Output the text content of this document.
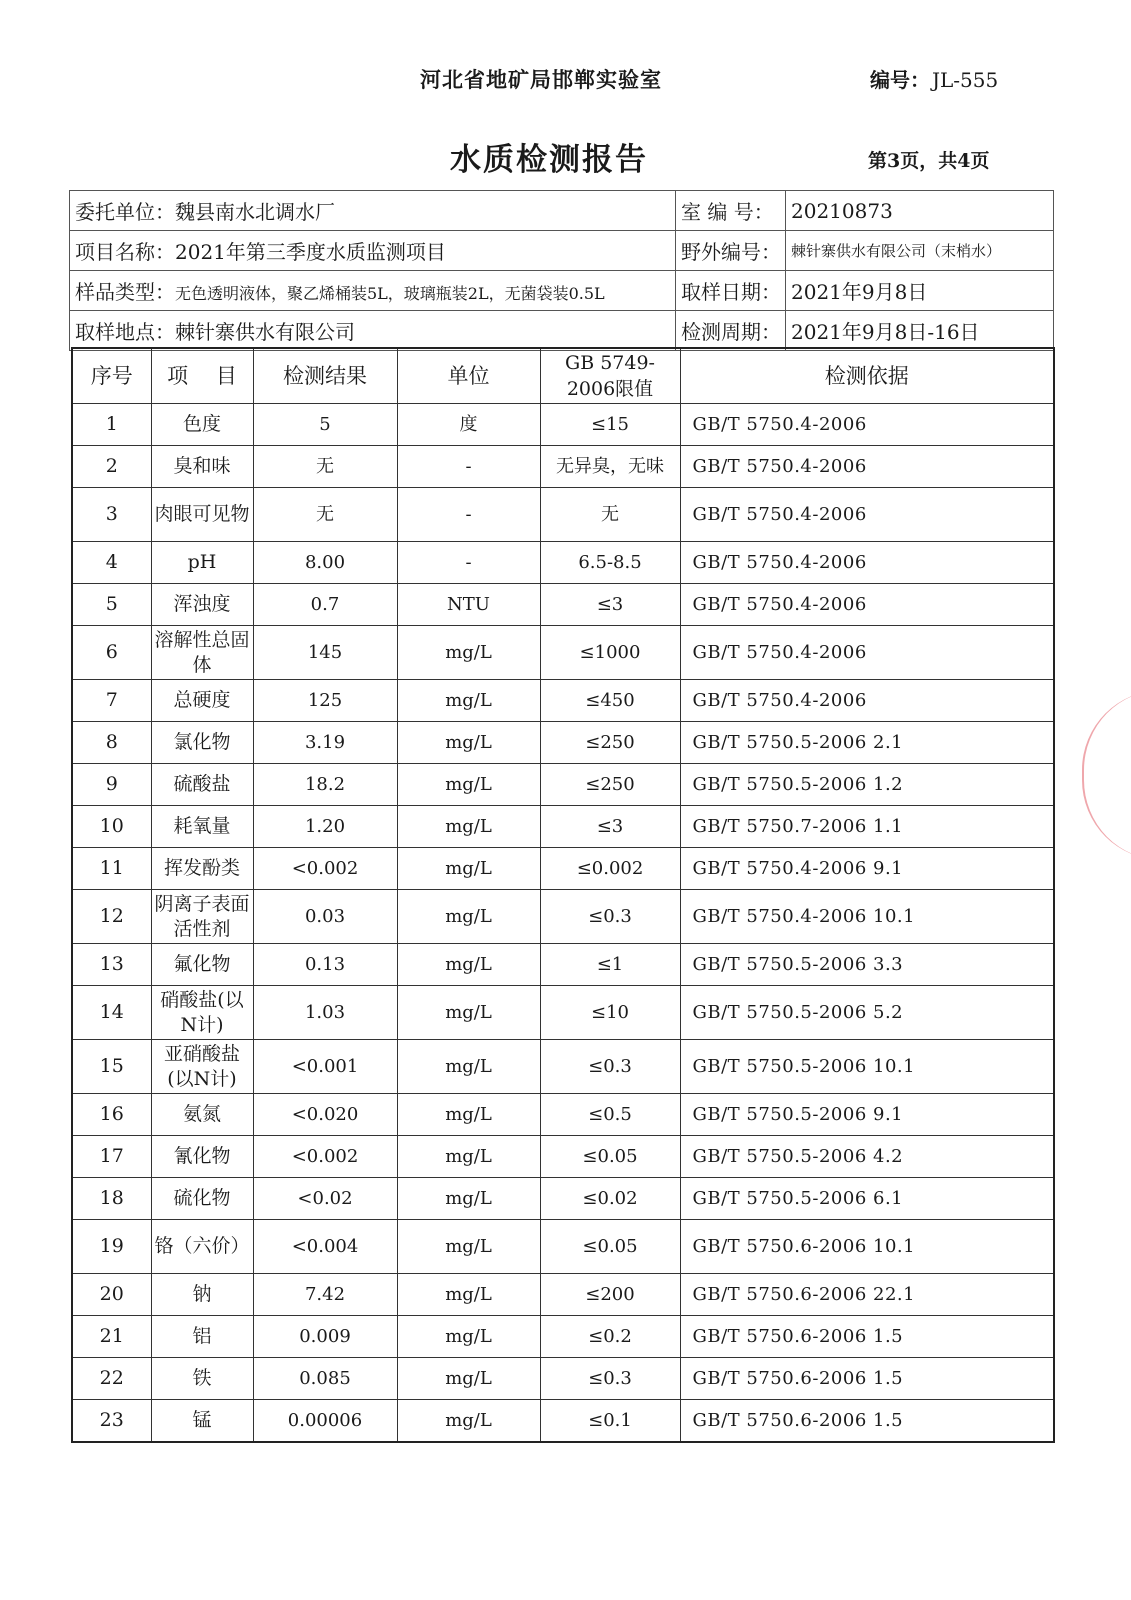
河北省地矿局邯郸实验室	编号： JL-555
水质检测报告	第3页，共4页
委托单位：魏县南水北调水厂	室 编 号：	20210873
项目名称：2021年第三季度水质监测项目	野外编号：	棘针寨供水有限公司（末梢水）
样品类型：无色透明液体，聚乙烯桶装5L，玻璃瓶装2L，无菌袋装0.5L	取样日期：	2021年9月8日
取样地点：棘针寨供水有限公司	检测周期：	2021年9月8日-16日
序号	项　 目	检测结果	单位	GB 5749-
2006限值	检测依据
1	色度	5	度	≤15	GB/T 5750.4-2006
2	臭和味	无	-	无异臭，无味	GB/T 5750.4-2006
3	肉眼可见物	无	-	无	GB/T 5750.4-2006
4	pH	8.00	-	6.5-8.5	GB/T 5750.4-2006
5	浑浊度	0.7	NTU	≤3	GB/T 5750.4-2006
6	溶解性总固体	145	mg/L	≤1000	GB/T 5750.4-2006
7	总硬度	125	mg/L	≤450	GB/T 5750.4-2006
8	氯化物	3.19	mg/L	≤250	GB/T 5750.5-2006 2.1
9	硫酸盐	18.2	mg/L	≤250	GB/T 5750.5-2006 1.2
10	耗氧量	1.20	mg/L	≤3	GB/T 5750.7-2006 1.1
11	挥发酚类	<0.002	mg/L	≤0.002	GB/T 5750.4-2006 9.1
12	阴离子表面活性剂	0.03	mg/L	≤0.3	GB/T 5750.4-2006 10.1
13	氟化物	0.13	mg/L	≤1	GB/T 5750.5-2006 3.3
14	硝酸盐(以N计)	1.03	mg/L	≤10	GB/T 5750.5-2006 5.2
15	亚硝酸盐(以N计)	<0.001	mg/L	≤0.3	GB/T 5750.5-2006 10.1
16	氨氮	<0.020	mg/L	≤0.5	GB/T 5750.5-2006 9.1
17	氰化物	<0.002	mg/L	≤0.05	GB/T 5750.5-2006 4.2
18	硫化物	<0.02	mg/L	≤0.02	GB/T 5750.5-2006 6.1
19	铬（六价）	<0.004	mg/L	≤0.05	GB/T 5750.6-2006 10.1
20	钠	7.42	mg/L	≤200	GB/T 5750.6-2006 22.1
21	铝	0.009	mg/L	≤0.2	GB/T 5750.6-2006 1.5
22	铁	0.085	mg/L	≤0.3	GB/T 5750.6-2006 1.5
23	锰	0.00006	mg/L	≤0.1	GB/T 5750.6-2006 1.5
